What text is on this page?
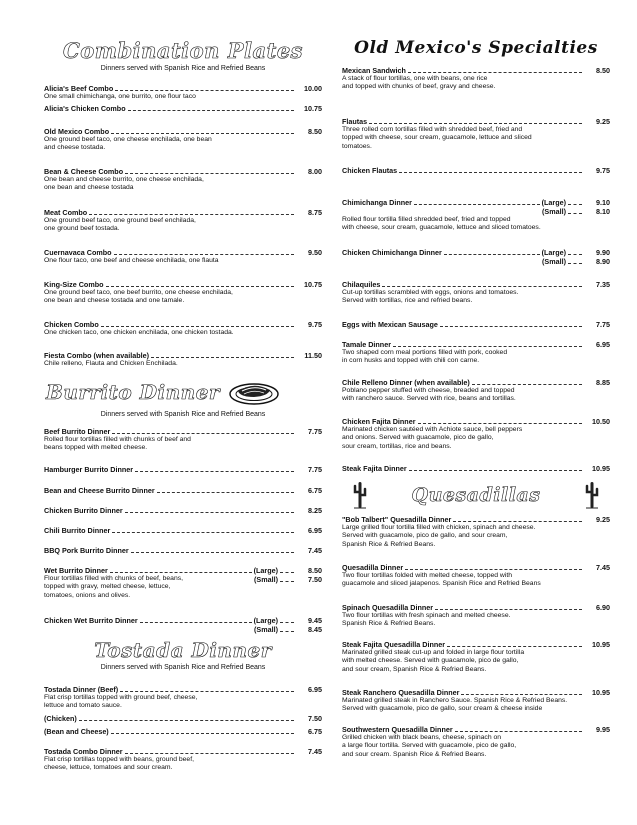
Combination Plates
Dinners served with Spanish Rice and Refried Beans
Alicia's Beef Combo	10.00
One small chimichanga, one burrito, one flour taco
Alicia's Chicken Combo	10.75
Old Mexico Combo	8.50
One ground beef taco, one cheese enchilada, one bean
and cheese tostada.
Bean & Cheese Combo	8.00
One bean and cheese burrito, one cheese enchilada,
one bean and cheese tostada
Meat Combo	8.75
One ground beef taco, one ground beef enchilada,
one ground beef tostada.
Cuernavaca Combo	9.50
One flour taco, one beef and cheese enchilada, one flauta
King-Size Combo	10.75
One ground beef taco, one beef burrito, one cheese enchilada,
one bean and cheese tostada and one tamale.
Chicken Combo	9.75
One chicken taco, one chicken enchilada, one chicken tostada.
Fiesta Combo (when available)	11.50
Chile relleno, Flauta and Chicken Enchilada.
Burrito Dinner
Dinners served with Spanish Rice and Refried Beans
Beef Burrito Dinner	7.75
Rolled flour tortillas filled with chunks of beef and
beans topped with melted cheese.
Hamburger Burrito Dinner	7.75
Bean and Cheese Burrito Dinner	6.75
Chicken Burrito Dinner	8.25
Chili Burrito Dinner	6.95
BBQ Pork Burrito Dinner	7.45
Wet Burrito Dinner	(Large)	8.50
Flour tortillas filled with chunks of beef, beans,
topped with gravy, melted cheese, lettuce,
tomatoes, onions and olives.
(Small)	7.50
Chicken Wet Burrito Dinner	(Large)	9.45
(Small)	8.45
Tostada Dinner
Dinners served with Spanish Rice and Refried Beans
Tostada Dinner (Beef)	6.95
Flat crisp tortillas topped with ground beef, cheese,
lettuce and tomato sauce.
(Chicken)	7.50
(Bean and Cheese)	6.75
Tostada Combo Dinner	7.45
Flat crisp tortillas topped with beans, ground beef,
cheese, lettuce, tomatoes and sour cream.
Old Mexico's Specialties
Mexican Sandwich	8.50
A stack of flour tortillas, one with beans, one rice
and topped with chunks of beef, gravy and cheese.
Flautas	9.25
Three rolled corn tortillas filled with shredded beef, fried and
topped with cheese, sour cream, guacamole, lettuce and sliced
tomatoes.
Chicken Flautas	9.75
Chimichanga Dinner	(Large)	9.10
(Small)	8.10
Rolled flour tortilla filled shredded beef, fried and topped
with cheese, sour cream, guacamole, lettuce and sliced tomatoes.
Chicken Chimichanga Dinner	(Large)	9.90
(Small)	8.90
Chilaquiles	7.35
Cut-up tortillas scrambled with eggs, onions and tomatoes.
Served with tortillas, rice and refried beans.
Eggs with Mexican Sausage	7.75
Tamale Dinner	6.95
Two shaped corn meal portions filled with pork, cooked
in corn husks and topped with chili con carne.
Chile Relleno Dinner (when available)	8.85
Poblano pepper stuffed with cheese, breaded and topped
with ranchero sauce. Served with rice, beans and tortillas.
Chicken Fajita Dinner	10.50
Marinated chicken sautéed with Achiote sauce, bell peppers
and onions. Served with guacamole, pico de gallo,
sour cream, tortillas, rice and beans.
Steak Fajita Dinner	10.95
Quesadillas
"Bob Talbert" Quesadilla Dinner	9.25
Large grilled flour tortilla filled with chicken, spinach and cheese.
Served with guacamole, pico de gallo, and sour cream,
Spanish Rice & Refried Beans.
Quesadilla Dinner	7.45
Two flour tortillas folded with melted cheese, topped with
guacamole and sliced jalapenos. Spanish Rice and Refried Beans
Spinach Quesadilla Dinner	6.90
Two flour tortillas with fresh spinach and melted cheese.
Spanish Rice & Refried Beans.
Steak Fajita Quesadilla Dinner	10.95
Marinated grilled steak cut-up and folded in large flour tortilla
with melted cheese. Served with guacamole, pico de gallo,
and sour cream, Spanish Rice & Refried Beans.
Steak Ranchero Quesadilla Dinner	10.95
Marinated grilled steak in Ranchero Sauce. Spanish Rice & Refried Beans.
Served with guacamole, pico de gallo, sour cream & cheese inside
Southwestern Quesadilla Dinner	9.95
Grilled chicken with black beans, cheese, spinach on
a large flour tortilla. Served with guacamole, pico de gallo,
and sour cream. Spanish Rice & Refried Beans.
